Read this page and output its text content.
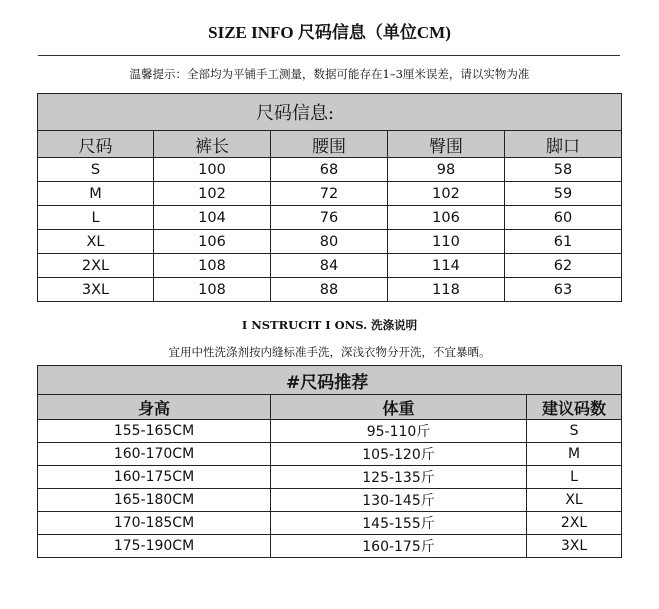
SIZE INFO 尺码信息（单位CM)
温馨提示：全部均为平铺手工测量，数据可能存在1–3厘米误差，请以实物为准
尺码信息:				
尺码	裤长	腰围	臀围	脚口
S	100	68	98	58
M	102	72	102	59
L	104	76	106	60
XL	106	80	110	61
2XL	108	84	114	62
3XL	108	88	118	63
I NSTRUCIT I ONS. 洗涤说明
宜用中性洗涤剂按内缝标准手洗，深浅衣物分开洗，不宜暴晒。
#尺码推荐		
身高	体重	建议码数
155-165CM	95-110斤	S
160-170CM	105-120斤	M
160-175CM	125-135斤	L
165-180CM	130-145斤	XL
170-185CM	145-155斤	2XL
175-190CM	160-175斤	3XL
